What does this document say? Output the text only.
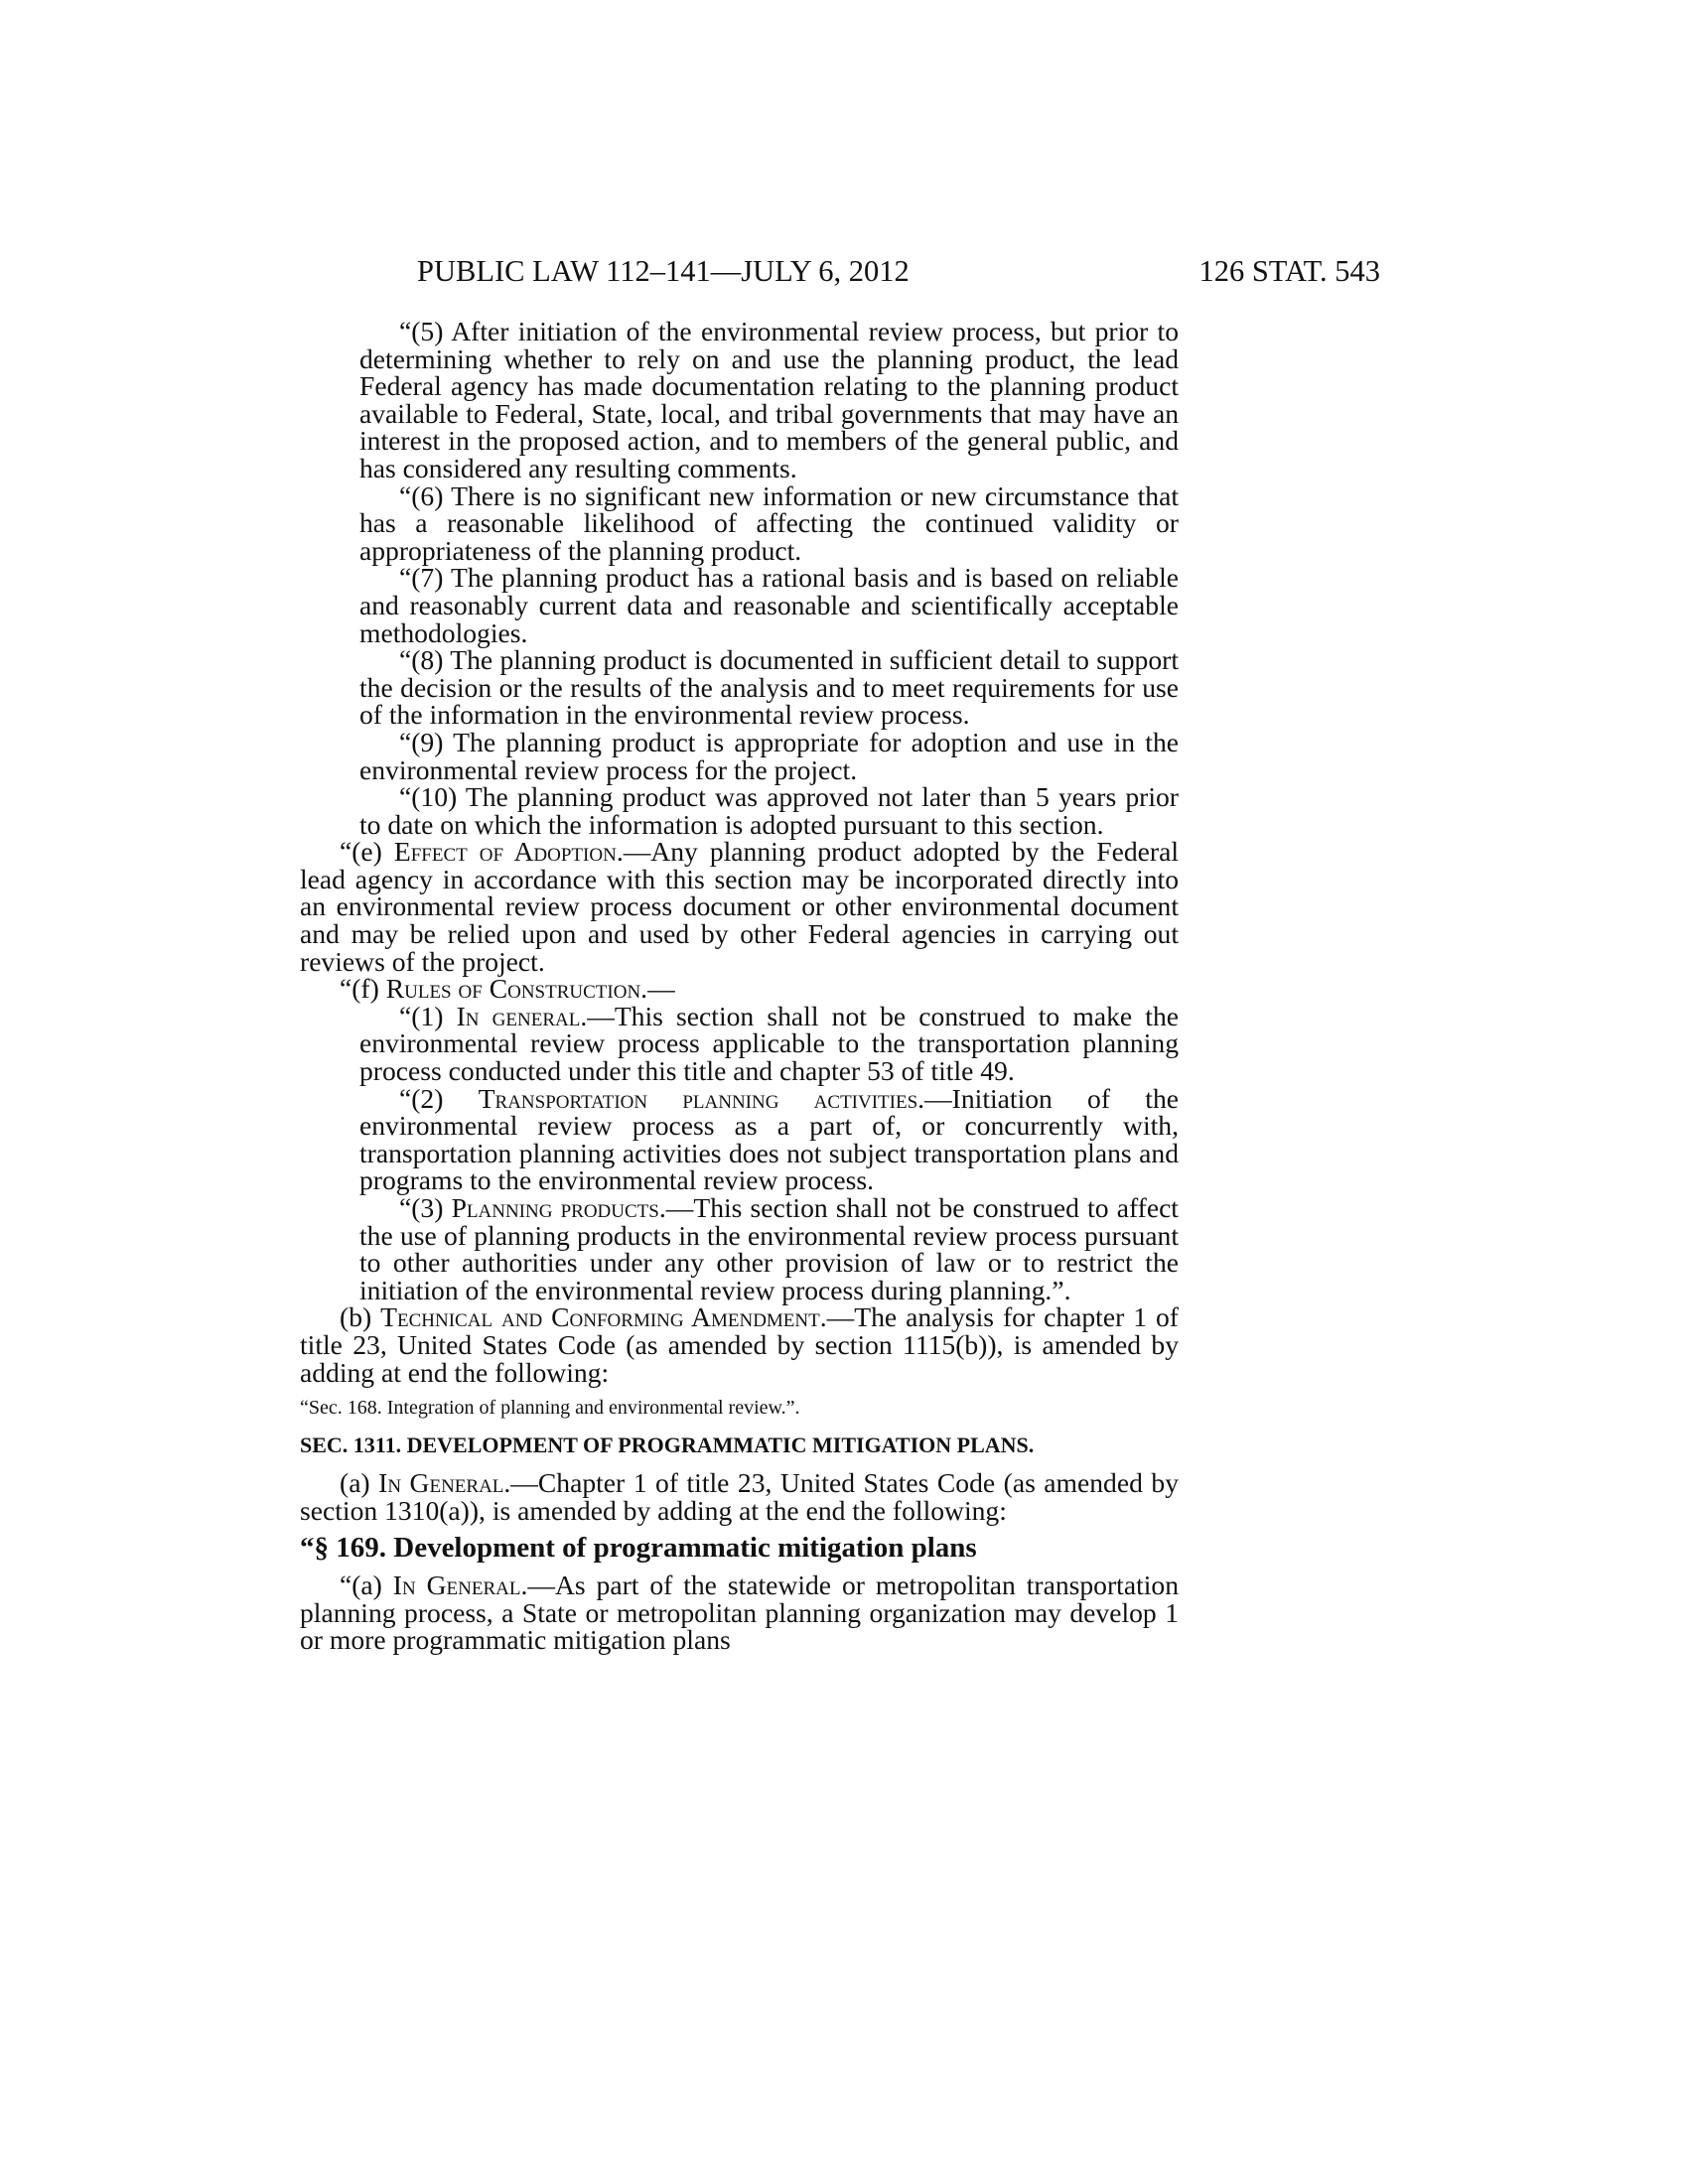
PUBLIC LAW 112–141—JULY 6, 2012	126 STAT. 543

“(5) After initiation of the environmental review process, but prior to determining whether to rely on and use the planning product, the lead Federal agency has made documentation relating to the planning product available to Federal, State, local, and tribal governments that may have an interest in the proposed action, and to members of the general public, and has considered any resulting comments.

“(6) There is no significant new information or new circumstance that has a reasonable likelihood of affecting the continued validity or appropriateness of the planning product.

“(7) The planning product has a rational basis and is based on reliable and reasonably current data and reasonable and scientifically acceptable methodologies.

“(8) The planning product is documented in sufficient detail to support the decision or the results of the analysis and to meet requirements for use of the information in the environmental review process.

“(9) The planning product is appropriate for adoption and use in the environmental review process for the project.

“(10) The planning product was approved not later than 5 years prior to date on which the information is adopted pursuant to this section.

“(e) Effect of Adoption.—Any planning product adopted by the Federal lead agency in accordance with this section may be incorporated directly into an environmental review process document or other environmental document and may be relied upon and used by other Federal agencies in carrying out reviews of the project.

“(f) Rules of Construction.—

“(1) In general.—This section shall not be construed to make the environmental review process applicable to the transportation planning process conducted under this title and chapter 53 of title 49.

“(2) Transportation planning activities.—Initiation of the environmental review process as a part of, or concurrently with, transportation planning activities does not subject transportation plans and programs to the environmental review process.

“(3) Planning products.—This section shall not be construed to affect the use of planning products in the environmental review process pursuant to other authorities under any other provision of law or to restrict the initiation of the environmental review process during planning.”.

(b) Technical and Conforming Amendment.—The analysis for chapter 1 of title 23, United States Code (as amended by section 1115(b)), is amended by adding at end the following:

“Sec. 168. Integration of planning and environmental review.”.
SEC. 1311. DEVELOPMENT OF PROGRAMMATIC MITIGATION PLANS.

(a) In General.—Chapter 1 of title 23, United States Code (as amended by section 1310(a)), is amended by adding at the end the following:

“§ 169. Development of programmatic mitigation plans

“(a) In General.—As part of the statewide or metropolitan transportation planning process, a State or metropolitan planning organization may develop 1 or more programmatic mitigation plans
